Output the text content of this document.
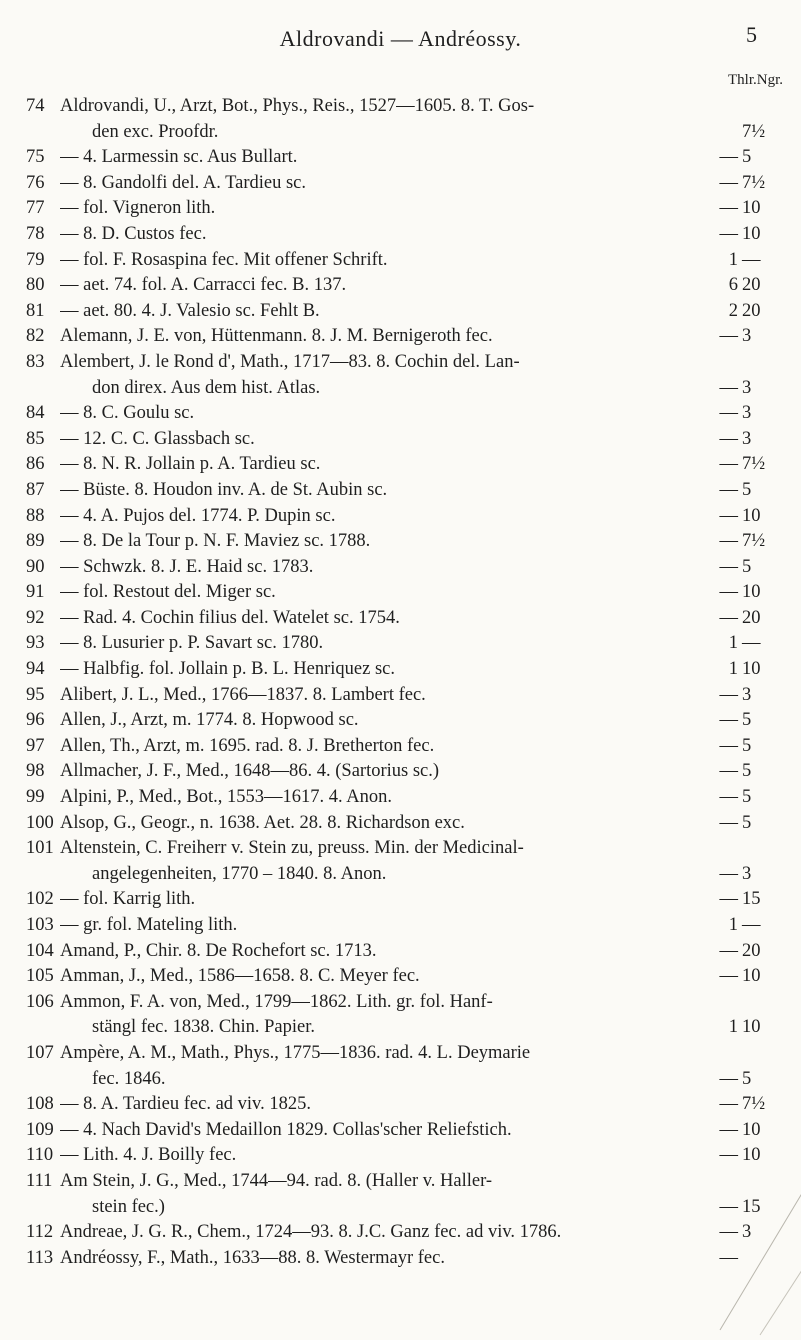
Aldrovandi — Andréossy.	5
Thlr.Ngr.
74 Aldrovandi, U., Arzt, Bot., Phys., Reis., 1527—1605. 8. T. Gos-
den exc. Proofdr.	7½
75 — 4. Larmessin sc. Aus Bullart.	— 5
76 — 8. Gandolfi del. A. Tardieu sc.	— 7½
77 — fol. Vigneron lith.	— 10
78 — 8. D. Custos fec.	— 10
79 — fol. F. Rosaspina fec. Mit offener Schrift.	1 —
80 — aet. 74. fol. A. Carracci fec. B. 137.	6 20
81 — aet. 80. 4. J. Valesio sc. Fehlt B.	2 20
82 Alemann, J. E. von, Hüttenmann. 8. J. M. Bernigeroth fec.	— 3
83 Alembert, J. le Rond d', Math., 1717—83. 8. Cochin del. Lan-
don direx. Aus dem hist. Atlas.	— 3
84 — 8. C. Goulu sc.	— 3
85 — 12. C. C. Glassbach sc.	— 3
86 — 8. N. R. Jollain p. A. Tardieu sc.	— 7½
87 — Büste. 8. Houdon inv. A. de St. Aubin sc.	— 5
88 — 4. A. Pujos del. 1774. P. Dupin sc.	— 10
89 — 8. De la Tour p. N. F. Maviez sc. 1788.	— 7½
90 — Schwzk. 8. J. E. Haid sc. 1783.	— 5
91 — fol. Restout del. Miger sc.	— 10
92 — Rad. 4. Cochin filius del. Watelet sc. 1754.	— 20
93 — 8. Lusurier p. P. Savart sc. 1780.	1 —
94 — Halbfig. fol. Jollain p. B. L. Henriquez sc.	1 10
95 Alibert, J. L., Med., 1766—1837. 8. Lambert fec.	— 3
96 Allen, J., Arzt, m. 1774. 8. Hopwood sc.	— 5
97 Allen, Th., Arzt, m. 1695. rad. 8. J. Bretherton fec.	— 5
98 Allmacher, J. F., Med., 1648—86. 4. (Sartorius sc.)	— 5
99 Alpini, P., Med., Bot., 1553—1617. 4. Anon.	— 5
100 Alsop, G., Geogr., n. 1638. Aet. 28. 8. Richardson exc.	— 5
101 Altenstein, C. Freiherr v. Stein zu, preuss. Min. der Medicinal-
angelegenheiten, 1770 – 1840. 8. Anon.	— 3
102 — fol. Karrig lith.	— 15
103 — gr. fol. Mateling lith.	1 —
104 Amand, P., Chir. 8. De Rochefort sc. 1713.	— 20
105 Amman, J., Med., 1586—1658. 8. C. Meyer fec.	— 10
106 Ammon, F. A. von, Med., 1799—1862. Lith. gr. fol. Hanf-
stängl fec. 1838. Chin. Papier.	1 10
107 Ampère, A. M., Math., Phys., 1775—1836. rad. 4. L. Deymarie
fec. 1846.	— 5
108 — 8. A. Tardieu fec. ad viv. 1825.	— 7½
109 — 4. Nach David's Medaillon 1829. Collas'scher Reliefstich.	— 10
110 — Lith. 4. J. Boilly fec.	— 10
111 Am Stein, J. G., Med., 1744—94. rad. 8. (Haller v. Haller-
stein fec.)	— 15
112 Andreae, J. G. R., Chem., 1724—93. 8. J.C. Ganz fec. ad viv. 1786.	— 3
113 Andréossy, F., Math., 1633—88. 8. Westermayr fec.	—
